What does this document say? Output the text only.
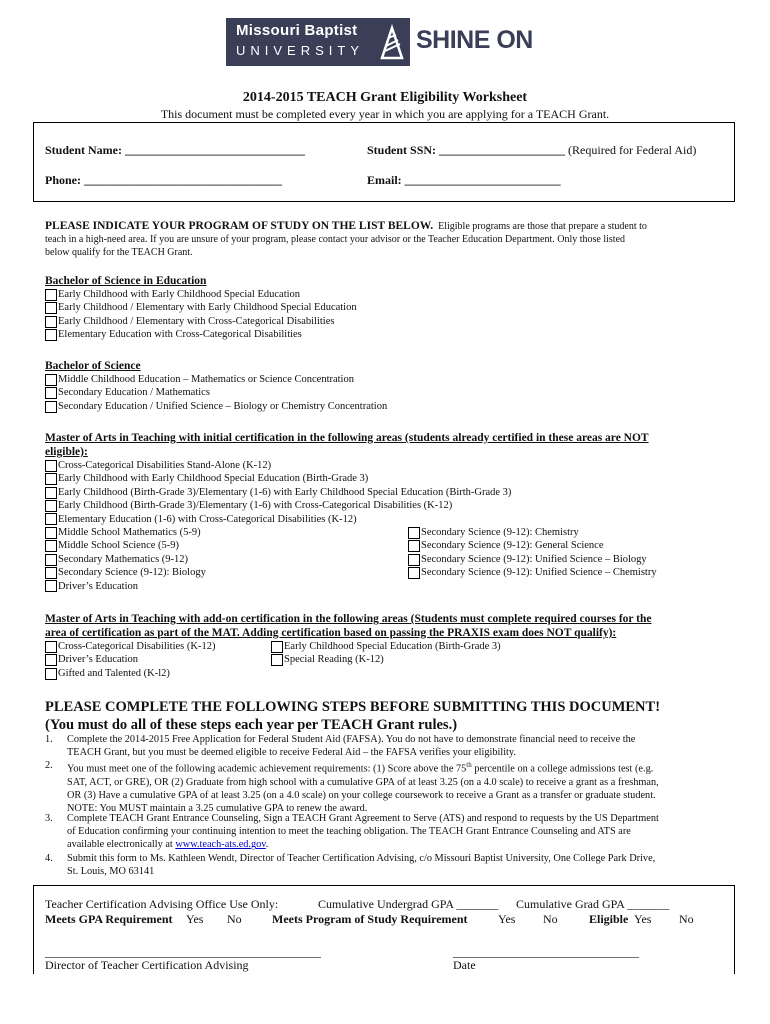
Missouri Baptist
UNIVERSITY SHINE ON
2014-2015 TEACH Grant Eligibility Worksheet
This document must be completed every year in which you are applying for a TEACH Grant.
Student Name: ______________________________	Student SSN: _____________________ (Required for Federal Aid)
Phone: _________________________________	Email: __________________________
PLEASE INDICATE YOUR PROGRAM OF STUDY ON THE LIST BELOW. Eligible programs are those that prepare a student to
teach in a high-need area. If you are unsure of your program, please contact your advisor or the Teacher Education Department. Only those listed
below qualify for the TEACH Grant.
Bachelor of Science in Education
Early Childhood with Early Childhood Special Education
Early Childhood / Elementary with Early Childhood Special Education
Early Childhood / Elementary with Cross-Categorical Disabilities
Elementary Education with Cross-Categorical Disabilities
Bachelor of Science
Middle Childhood Education – Mathematics or Science Concentration
Secondary Education / Mathematics
Secondary Education / Unified Science – Biology or Chemistry Concentration
Master of Arts in Teaching with initial certification in the following areas (students already certified in these areas are NOT
eligible):
Cross-Categorical Disabilities Stand-Alone (K-12)
Early Childhood with Early Childhood Special Education (Birth-Grade 3)
Early Childhood (Birth-Grade 3)/Elementary (1-6) with Early Childhood Special Education (Birth-Grade 3)
Early Childhood (Birth-Grade 3)/Elementary (1-6) with Cross-Categorical Disabilities (K-12)
Elementary Education (1-6) with Cross-Categorical Disabilities (K-12)
Middle School Mathematics (5-9)
Middle School Science (5-9)
Secondary Mathematics (9-12)
Secondary Science (9-12): Biology
Driver’s Education
Secondary Science (9-12): Chemistry
Secondary Science (9-12): General Science
Secondary Science (9-12): Unified Science – Biology
Secondary Science (9-12): Unified Science – Chemistry
Master of Arts in Teaching with add-on certification in the following areas (Students must complete required courses for the
area of certification as part of the MAT. Adding certification based on passing the PRAXIS exam does NOT qualify):
Cross-Categorical Disabilities (K-12)
Driver’s Education
Gifted and Talented (K-l2)
Early Childhood Special Education (Birth-Grade 3)
Special Reading (K-12)
PLEASE COMPLETE THE FOLLOWING STEPS BEFORE SUBMITTING THIS DOCUMENT!
(You must do all of these steps each year per TEACH Grant rules.)
1. Complete the 2014-2015 Free Application for Federal Student Aid (FAFSA). You do not have to demonstrate financial need to receive the
TEACH Grant, but you must be deemed eligible to receive Federal Aid – the FAFSA verifies your eligibility.
2. You must meet one of the following academic achievement requirements: (1) Score above the 75th percentile on a college admissions test (e.g.
SAT, ACT, or GRE), OR (2) Graduate from high school with a cumulative GPA of at least 3.25 (on a 4.0 scale) to receive a grant as a freshman,
OR (3) Have a cumulative GPA of at least 3.25 (on a 4.0 scale) on your college coursework to receive a Grant as a transfer or graduate student.
NOTE: You MUST maintain a 3.25 cumulative GPA to renew the award.
3. Complete TEACH Grant Entrance Counseling, Sign a TEACH Grant Agreement to Serve (ATS) and respond to requests by the US Department
of Education confirming your continuing intention to meet the teaching obligation. The TEACH Grant Entrance Counseling and ATS are
available electronically at www.teach-ats.ed.gov.
4. Submit this form to Ms. Kathleen Wendt, Director of Teacher Certification Advising, c/o Missouri Baptist University, One College Park Drive,
St. Louis, MO 63141
Teacher Certification Advising Office Use Only:	Cumulative Undergrad GPA _______ Cumulative Grad GPA _______
Meets GPA Requirement Yes No	Meets Program of Study Requirement	Yes No	Eligible Yes No
______________________________________________	_______________________________
Director of Teacher Certification Advising	Date
